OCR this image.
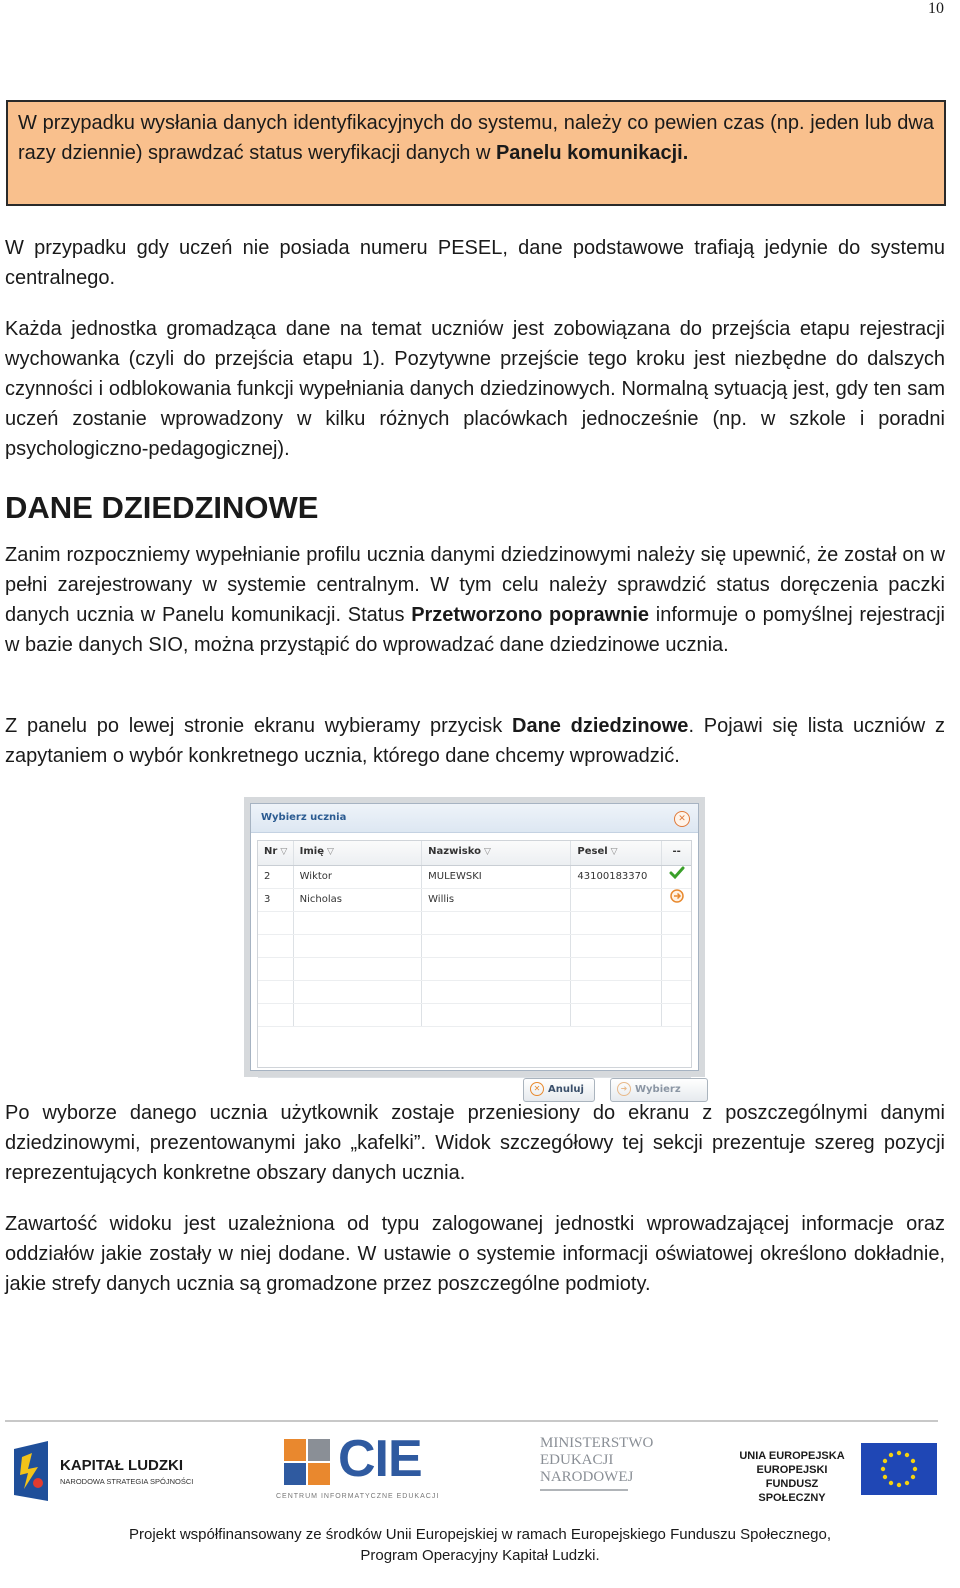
10
W przypadku wysłania danych identyfikacyjnych do systemu, należy co pewien czas (np. jeden lub dwa razy dziennie) sprawdzać status weryfikacji danych w Panelu komunikacji.
W przypadku gdy uczeń nie posiada numeru PESEL, dane podstawowe trafiają jedynie do systemu centralnego.
Każda jednostka gromadząca dane na temat uczniów jest zobowiązana do przejścia etapu rejestracji wychowanka (czyli do przejścia etapu 1). Pozytywne przejście tego kroku jest niezbędne do dalszych czynności i odblokowania funkcji wypełniania danych dziedzinowych. Normalną sytuacją jest, gdy ten sam uczeń zostanie wprowadzony w kilku różnych placówkach jednocześnie (np. w szkole i poradni psychologiczno-pedagogicznej).
DANE DZIEDZINOWE
Zanim rozpoczniemy wypełnianie profilu ucznia danymi dziedzinowymi należy się upewnić, że został on w pełni zarejestrowany w systemie centralnym. W tym celu należy sprawdzić status doręczenia paczki danych ucznia w Panelu komunikacji. Status Przetworzono poprawnie informuje o pomyślnej rejestracji w bazie danych SIO, można przystąpić do wprowadzać dane dziedzinowe ucznia.
Z panelu po lewej stronie ekranu wybieramy przycisk Dane dziedzinowe. Pojawi się lista uczniów z zapytaniem o wybór konkretnego ucznia, którego dane chcemy wprowadzić.
Wybierz ucznia	✕
Nr ▽	Imię ▽	Nazwisko ▽	Pesel ▽	--
2	Wiktor	MULEWSKI	43100183370
3	Nicholas	Willis
✕ Anuluj	➜ Wybierz
Po wyborze danego ucznia użytkownik zostaje przeniesiony do ekranu z poszczególnymi danymi dziedzinowymi, prezentowanymi jako „kafelki”. Widok szczegółowy tej sekcji prezentuje szereg pozycji reprezentujących konkretne obszary danych ucznia.
Zawartość widoku jest uzależniona od typu zalogowanej jednostki wprowadzającej informacje oraz oddziałów jakie zostały w niej dodane. W ustawie o systemie informacji oświatowej określono dokładnie, jakie strefy danych ucznia są gromadzone przez poszczególne podmioty.
KAPITAŁ LUDZKI
NARODOWA STRATEGIA SPÓJNOŚCI	CIE
CENTRUM INFORMATYCZNE EDUKACJI
MINISTERSTWO
EDUKACJI
NARODOWEJ
UNIA EUROPEJSKA
EUROPEJSKI
FUNDUSZ SPOŁECZNY
Projekt współfinansowany ze środków Unii Europejskiej w ramach Europejskiego Funduszu Społecznego,
Program Operacyjny Kapitał Ludzki.
